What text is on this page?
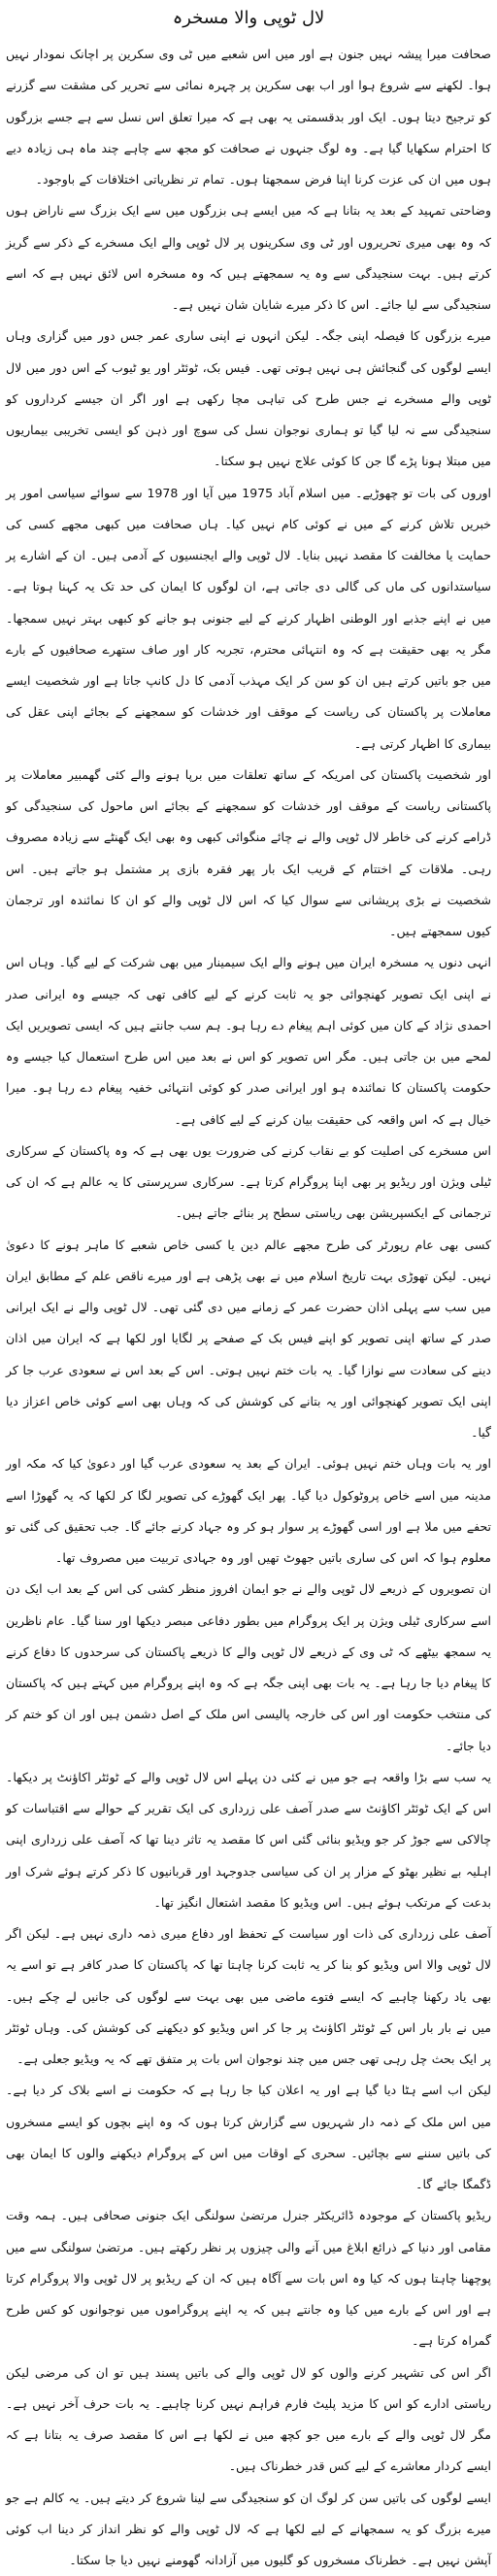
لال ٹوپی والا مسخرہ

صحافت میرا پیشہ نہیں جنون ہے اور میں اس شعبے میں ٹی وی سکرین پر اچانک نمودار نہیں ہوا۔ لکھنے سے شروع ہوا اور اب بھی سکرین پر چہرہ نمائی سے تحریر کی مشقت سے گزرنے کو ترجیح دیتا ہوں۔ ایک اور بدقسمتی یہ بھی ہے کہ میرا تعلق اس نسل سے ہے جسے بزرگوں کا احترام سکھایا گیا ہے۔ وہ لوگ جنہوں نے صحافت کو مجھ سے چاہے چند ماہ ہی زیادہ دیے ہوں میں ان کی عزت کرنا اپنا فرض سمجھتا ہوں۔ تمام تر نظریاتی اختلافات کے باوجود۔

وضاحتی تمہید کے بعد یہ بتانا ہے کہ میں ایسے ہی بزرگوں میں سے ایک بزرگ سے ناراض ہوں کہ وہ بھی میری تحریروں اور ٹی وی سکرینوں پر لال ٹوپی والے ایک مسخرے کے ذکر سے گریز کرتے ہیں۔ بہت سنجیدگی سے وہ یہ سمجھتے ہیں کہ وہ مسخرہ اس لائق نہیں ہے کہ اسے سنجیدگی سے لیا جائے۔ اس کا ذکر میرے شایان شان نہیں ہے۔

میرے بزرگوں کا فیصلہ اپنی جگہ۔ لیکن انہوں نے اپنی ساری عمر جس دور میں گزاری وہاں ایسے لوگوں کی گنجائش ہی نہیں ہوتی تھی۔ فیس بک، ٹوئٹر اور یو ٹیوب کے اس دور میں لال ٹوپی والے مسخرے نے جس طرح کی تباہی مچا رکھی ہے اور اگر ان جیسے کرداروں کو سنجیدگی سے نہ لیا گیا تو ہماری نوجوان نسل کی سوچ اور ذہن کو ایسی تخریبی بیماریوں میں مبتلا ہونا پڑے گا جن کا کوئی علاج نہیں ہو سکتا۔

اوروں کی بات تو چھوڑیے۔ میں اسلام آباد 1975 میں آیا اور 1978 سے سوائے سیاسی امور پر خبریں تلاش کرنے کے میں نے کوئی کام نہیں کیا۔ ہاں صحافت میں کبھی مجھے کسی کی حمایت یا مخالفت کا مقصد نہیں بنایا۔ لال ٹوپی والے ایجنسیوں کے آدمی ہیں۔ ان کے اشارے پر سیاستدانوں کی ماں کی گالی دی جاتی ہے، ان لوگوں کا ایمان کی حد تک یہ کہنا ہوتا ہے۔ میں نے اپنے جذبے اور الوطنی اظہار کرنے کے لیے جنونی ہو جانے کو کبھی بہتر نہیں سمجھا۔ مگر یہ بھی حقیقت ہے کہ وہ انتہائی محترم، تجربہ کار اور صاف ستھرے صحافیوں کے بارے میں جو باتیں کرتے ہیں ان کو سن کر ایک مہذب آدمی کا دل کانپ جاتا ہے اور شخصیت ایسے معاملات پر پاکستان کی ریاست کے موقف اور خدشات کو سمجھنے کے بجائے اپنی عقل کی بیماری کا اظہار کرتی ہے۔

اور شخصیت پاکستان کی امریکہ کے ساتھ تعلقات میں برپا ہونے والے کئی گھمبیر معاملات پر پاکستانی ریاست کے موقف اور خدشات کو سمجھنے کے بجائے اس ماحول کی سنجیدگی کو ڈرامے کرنے کی خاطر لال ٹوپی والے نے چائے منگوائی کبھی وہ بھی ایک گھنٹے سے زیادہ مصروف رہی۔ ملاقات کے اختتام کے قریب ایک بار پھر فقرہ بازی پر مشتمل ہو جاتے ہیں۔ اس شخصیت نے بڑی پریشانی سے سوال کیا کہ اس لال ٹوپی والے کو ان کا نمائندہ اور ترجمان کیوں سمجھتے ہیں۔

انہی دنوں یہ مسخرہ ایران میں ہونے والے ایک سیمینار میں بھی شرکت کے لیے گیا۔ وہاں اس نے اپنی ایک تصویر کھنچوائی جو یہ ثابت کرنے کے لیے کافی تھی کہ جیسے وہ ایرانی صدر احمدی نژاد کے کان میں کوئی اہم پیغام دے رہا ہو۔ ہم سب جانتے ہیں کہ ایسی تصویریں ایک لمحے میں بن جاتی ہیں۔ مگر اس تصویر کو اس نے بعد میں اس طرح استعمال کیا جیسے وہ حکومت پاکستان کا نمائندہ ہو اور ایرانی صدر کو کوئی انتہائی خفیہ پیغام دے رہا ہو۔ میرا خیال ہے کہ اس واقعہ کی حقیقت بیان کرنے کے لیے کافی ہے۔

اس مسخرے کی اصلیت کو بے نقاب کرنے کی ضرورت یوں بھی ہے کہ وہ پاکستان کے سرکاری ٹیلی ویژن اور ریڈیو پر بھی اپنا پروگرام کرتا ہے۔ سرکاری سرپرستی کا یہ عالم ہے کہ ان کی ترجمانی کے ایکسپریشن بھی ریاستی سطح پر بنائے جاتے ہیں۔

کسی بھی عام رپورٹر کی طرح مجھے عالم دین یا کسی خاص شعبے کا ماہر ہونے کا دعویٰ نہیں۔ لیکن تھوڑی بہت تاریخ اسلام میں نے بھی پڑھی ہے اور میرے ناقص علم کے مطابق ایران میں سب سے پہلی اذان حضرت عمر کے زمانے میں دی گئی تھی۔ لال ٹوپی والے نے ایک ایرانی صدر کے ساتھ اپنی تصویر کو اپنے فیس بک کے صفحے پر لگایا اور لکھا ہے کہ ایران میں اذان دینے کی سعادت سے نوازا گیا۔ یہ بات ختم نہیں ہوتی۔ اس کے بعد اس نے سعودی عرب جا کر اپنی ایک تصویر کھنچوائی اور یہ بتانے کی کوشش کی کہ وہاں بھی اسے کوئی خاص اعزاز دیا گیا۔

اور یہ بات وہاں ختم نہیں ہوئی۔ ایران کے بعد یہ سعودی عرب گیا اور دعویٰ کیا کہ مکہ اور مدینہ میں اسے خاص پروٹوکول دیا گیا۔ پھر ایک گھوڑے کی تصویر لگا کر لکھا کہ یہ گھوڑا اسے تحفے میں ملا ہے اور اسی گھوڑے پر سوار ہو کر وہ جہاد کرنے جائے گا۔ جب تحقیق کی گئی تو معلوم ہوا کہ اس کی ساری باتیں جھوٹ تھیں اور وہ جہادی تربیت میں مصروف تھا۔

ان تصویروں کے ذریعے لال ٹوپی والے نے جو ایمان افروز منظر کشی کی اس کے بعد اب ایک دن اسے سرکاری ٹیلی ویژن پر ایک پروگرام میں بطور دفاعی مبصر دیکھا اور سنا گیا۔ عام ناظرین یہ سمجھ بیٹھے کہ ٹی وی کے ذریعے لال ٹوپی والے کا ذریعے پاکستان کی سرحدوں کا دفاع کرنے کا پیغام دیا جا رہا ہے۔ یہ بات بھی اپنی جگہ ہے کہ وہ اپنے پروگرام میں کہتے ہیں کہ پاکستان کی منتخب حکومت اور اس کی خارجہ پالیسی اس ملک کے اصل دشمن ہیں اور ان کو ختم کر دیا جائے۔

یہ سب سے بڑا واقعہ ہے جو میں نے کئی دن پہلے اس لال ٹوپی والے کے ٹوئٹر اکاؤنٹ پر دیکھا۔ اس کے ایک ٹوئٹر اکاؤنٹ سے صدر آصف علی زرداری کی ایک تقریر کے حوالے سے اقتباسات کو چالاکی سے جوڑ کر جو ویڈیو بنائی گئی اس کا مقصد یہ تاثر دینا تھا کہ آصف علی زرداری اپنی اہلیہ بے نظیر بھٹو کے مزار پر ان کی سیاسی جدوجہد اور قربانیوں کا ذکر کرتے ہوئے شرک اور بدعت کے مرتکب ہوئے ہیں۔ اس ویڈیو کا مقصد اشتعال انگیز تھا۔

آصف علی زرداری کی ذات اور سیاست کے تحفظ اور دفاع میری ذمہ داری نہیں ہے۔ لیکن اگر لال ٹوپی والا اس ویڈیو کو بنا کر یہ ثابت کرنا چاہتا تھا کہ پاکستان کا صدر کافر ہے تو اسے یہ بھی یاد رکھنا چاہیے کہ ایسے فتوے ماضی میں بھی بہت سے لوگوں کی جانیں لے چکے ہیں۔ میں نے بار بار اس کے ٹوئٹر اکاؤنٹ پر جا کر اس ویڈیو کو دیکھنے کی کوشش کی۔ وہاں ٹوئٹر پر ایک بحث چل رہی تھی جس میں چند نوجوان اس بات پر متفق تھے کہ یہ ویڈیو جعلی ہے۔

لیکن اب اسے ہٹا دیا گیا ہے اور یہ اعلان کیا جا رہا ہے کہ حکومت نے اسے بلاک کر دیا ہے۔ میں اس ملک کے ذمہ دار شہریوں سے گزارش کرتا ہوں کہ وہ اپنے بچوں کو ایسے مسخروں کی باتیں سننے سے بچائیں۔ سحری کے اوقات میں اس کے پروگرام دیکھنے والوں کا ایمان بھی ڈگمگا جائے گا۔

ریڈیو پاکستان کے موجودہ ڈائریکٹر جنرل مرتضیٰ سولنگی ایک جنونی صحافی ہیں۔ ہمہ وقت مقامی اور دنیا کے ذرائع ابلاغ میں آنے والی چیزوں پر نظر رکھتے ہیں۔ مرتضیٰ سولنگی سے میں پوچھنا چاہتا ہوں کہ کیا وہ اس بات سے آگاہ ہیں کہ ان کے ریڈیو پر لال ٹوپی والا پروگرام کرتا ہے اور اس کے بارے میں کیا وہ جانتے ہیں کہ یہ اپنے پروگراموں میں نوجوانوں کو کس طرح گمراہ کرتا ہے۔

اگر اس کی تشہیر کرنے والوں کو لال ٹوپی والے کی باتیں پسند ہیں تو ان کی مرضی لیکن ریاستی ادارے کو اس کا مزید پلیٹ فارم فراہم نہیں کرنا چاہیے۔ یہ بات حرف آخر نہیں ہے۔ مگر لال ٹوپی والے کے بارے میں جو کچھ میں نے لکھا ہے اس کا مقصد صرف یہ بتانا ہے کہ ایسے کردار معاشرے کے لیے کس قدر خطرناک ہیں۔

ایسے لوگوں کی باتیں سن کر لوگ ان کو سنجیدگی سے لینا شروع کر دیتے ہیں۔ یہ کالم ہے جو میرے بزرگ کو یہ سمجھانے کے لیے لکھا ہے کہ لال ٹوپی والے کو نظر انداز کر دینا اب کوئی آپشن نہیں ہے۔ خطرناک مسخروں کو گلیوں میں آزادانہ گھومنے نہیں دیا جا سکتا۔
